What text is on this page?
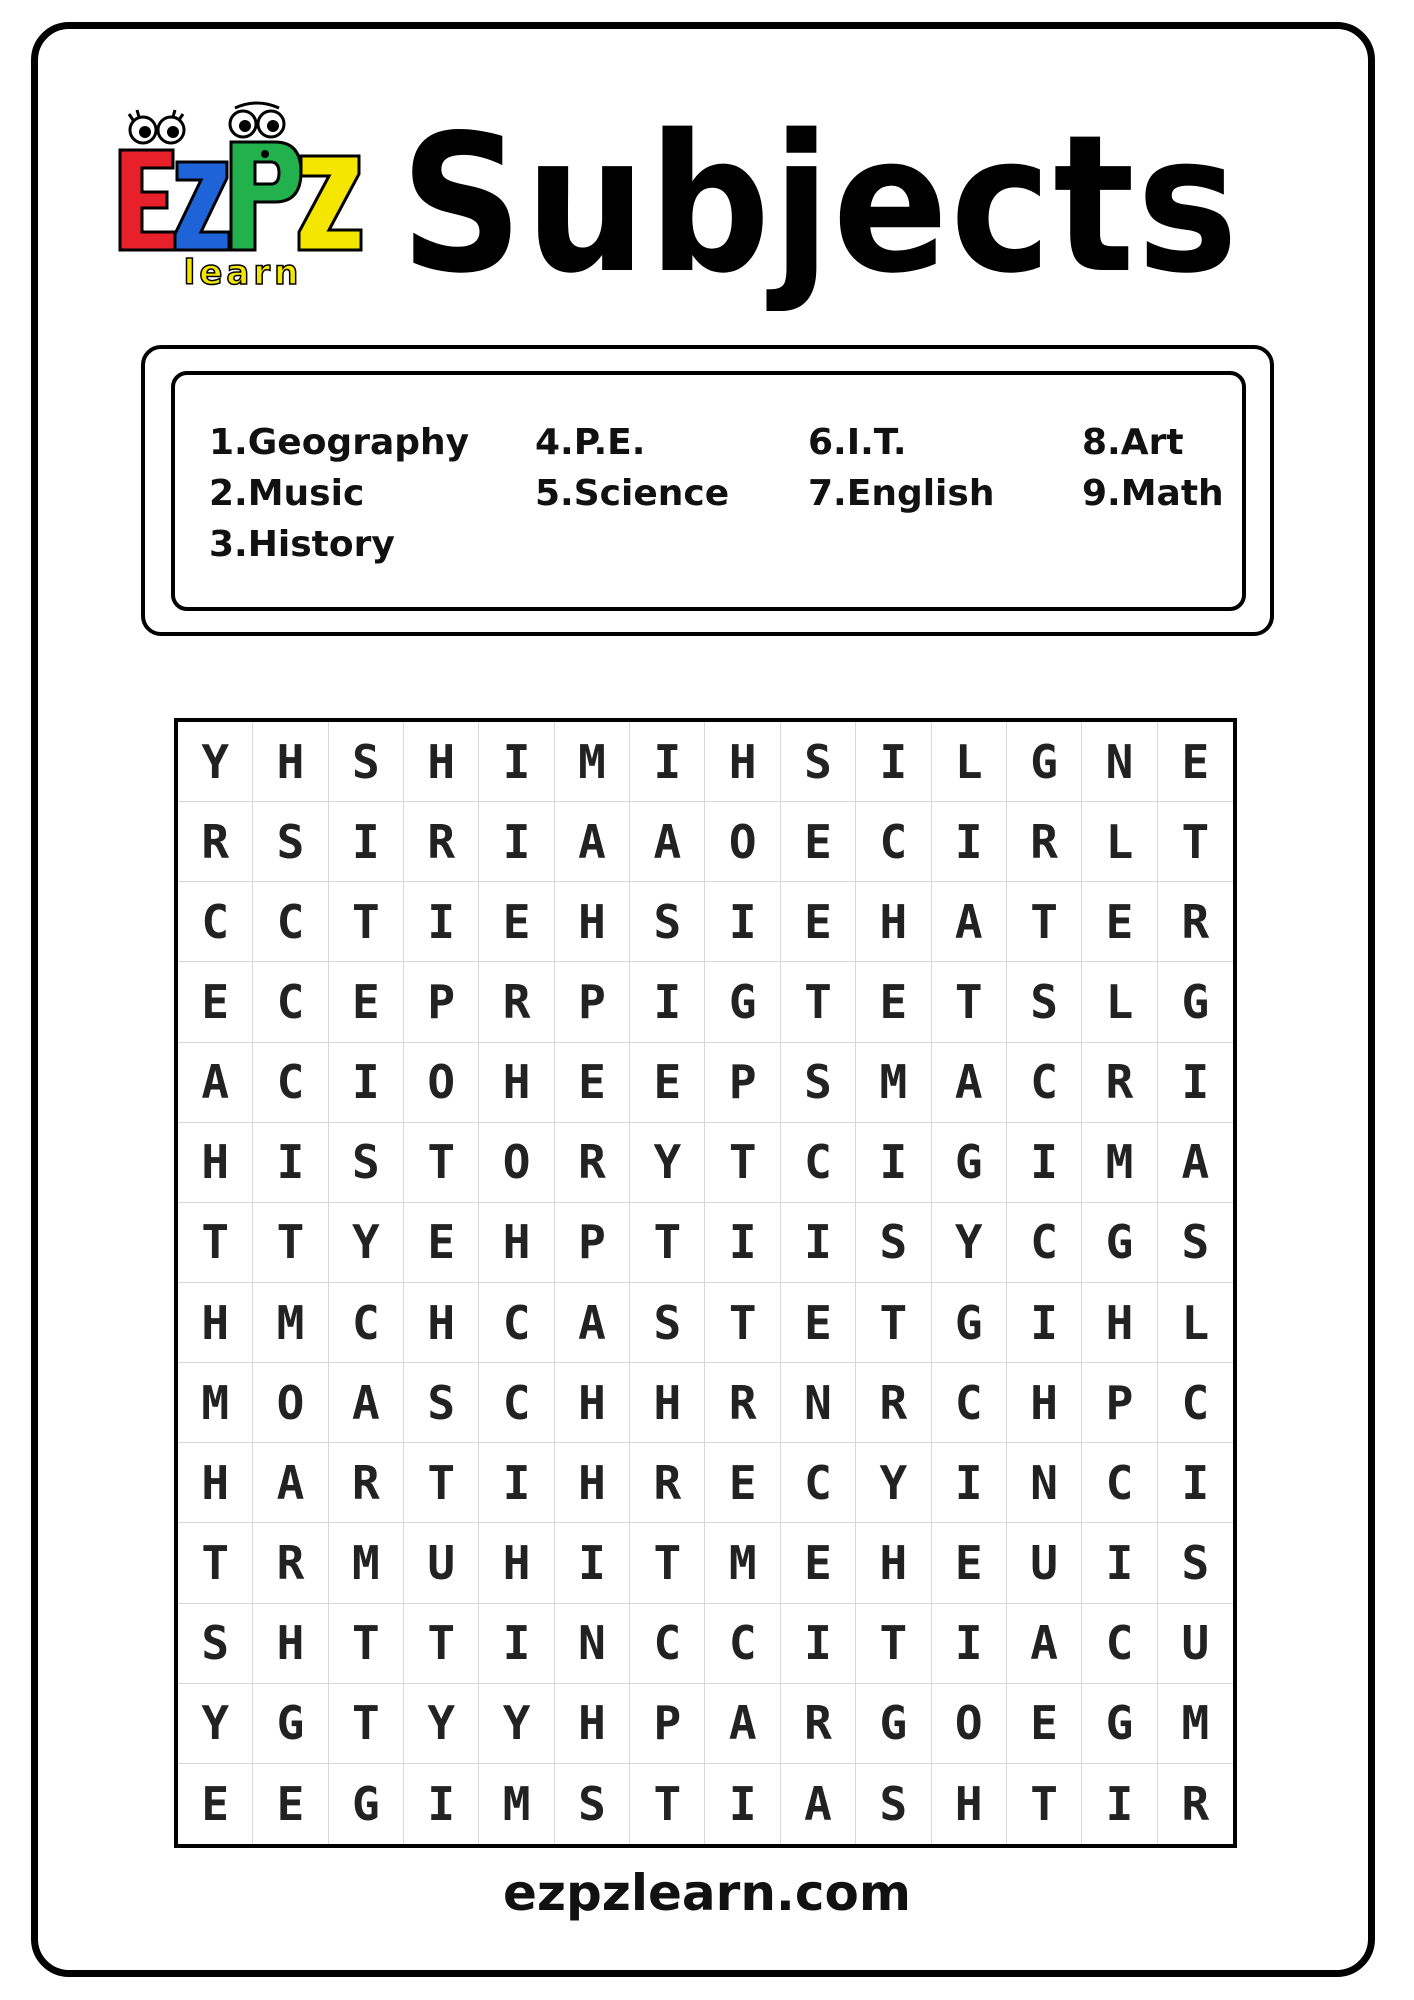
learn Subjects
1.Geography
2.Music
3.History
4.P.E.
5.Science
6.I.T.
7.English
8.Art
9.Math
Y	H	S	H	I	M	I	H	S	I	L	G	N	E
R	S	I	R	I	A	A	O	E	C	I	R	L	T
C	C	T	I	E	H	S	I	E	H	A	T	E	R
E	C	E	P	R	P	I	G	T	E	T	S	L	G
A	C	I	O	H	E	E	P	S	M	A	C	R	I
H	I	S	T	O	R	Y	T	C	I	G	I	M	A
T	T	Y	E	H	P	T	I	I	S	Y	C	G	S
H	M	C	H	C	A	S	T	E	T	G	I	H	L
M	O	A	S	C	H	H	R	N	R	C	H	P	C
H	A	R	T	I	H	R	E	C	Y	I	N	C	I
T	R	M	U	H	I	T	M	E	H	E	U	I	S
S	H	T	T	I	N	C	C	I	T	I	A	C	U
Y	G	T	Y	Y	H	P	A	R	G	O	E	G	M
E	E	G	I	M	S	T	I	A	S	H	T	I	R
ezpzlearn.com
